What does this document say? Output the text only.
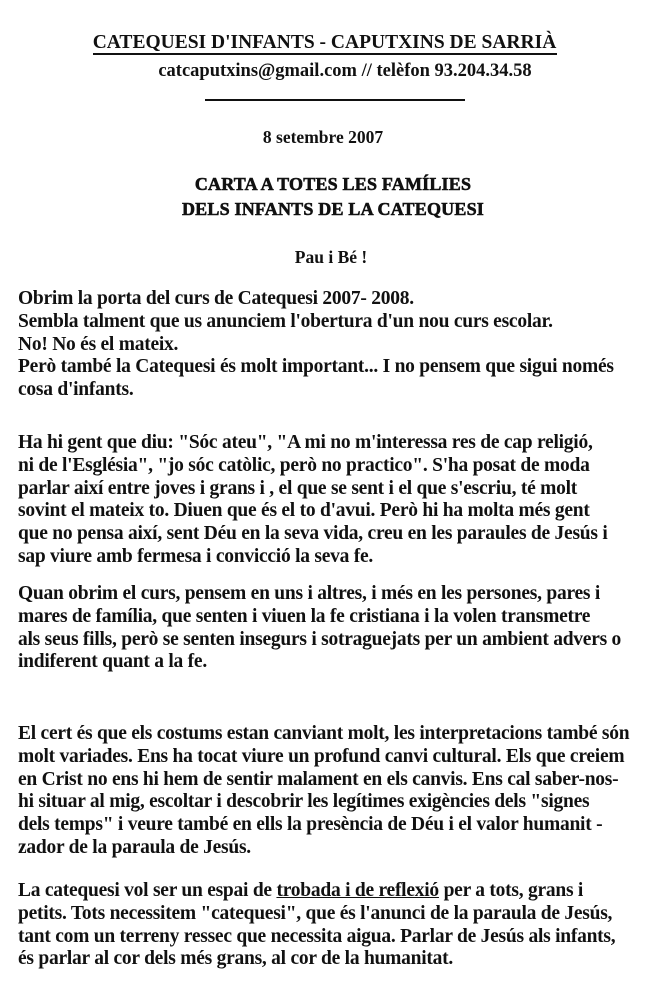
CATEQUESI D'INFANTS - CAPUTXINS DE SARRIÀ
catcaputxins@gmail.com // telèfon 93.204.34.58
8 setembre 2007
CARTA A TOTES LES FAMÍLIES
DELS INFANTS DE LA CATEQUESI
Pau i Bé !
Obrim la porta del curs de Catequesi 2007- 2008.
Sembla talment que us anunciem l'obertura d'un nou curs escolar.
No! No és el mateix.
Però també la Catequesi és molt important... I no pensem que sigui només
cosa d'infants.
Ha hi gent que diu: "Sóc ateu", "A mi no m'interessa res de cap religió,
ni de l'Església", "jo sóc catòlic, però no practico". S'ha posat de moda
parlar així entre joves i grans i , el que se sent i el que s'escriu, té molt
sovint el mateix to. Diuen que és el to d'avui. Però hi ha molta més gent
que no pensa així, sent Déu en la seva vida, creu en les paraules de Jesús i
sap viure amb fermesa i convicció la seva fe.
Quan obrim el curs, pensem en uns i altres, i més en les persones, pares i
mares de família, que senten i viuen la fe cristiana i la volen transmetre
als seus fills, però se senten insegurs i sotraguejats per un ambient advers o
indiferent quant a la fe.
El cert és que els costums estan canviant molt, les interpretacions també són
molt variades. Ens ha tocat viure un profund canvi cultural. Els que creiem
en Crist no ens hi hem de sentir malament en els canvis. Ens cal saber-nos-
hi situar al mig, escoltar i descobrir les legítimes exigències dels "signes
dels temps" i veure també en ells la presència de Déu i el valor humanit -
zador de la paraula de Jesús.
La catequesi vol ser un espai de trobada i de reflexió per a tots, grans i
petits. Tots necessitem "catequesi", que és l'anunci de la paraula de Jesús,
tant com un terreny ressec que necessita aigua. Parlar de Jesús als infants,
és parlar al cor dels més grans, al cor de la humanitat.
